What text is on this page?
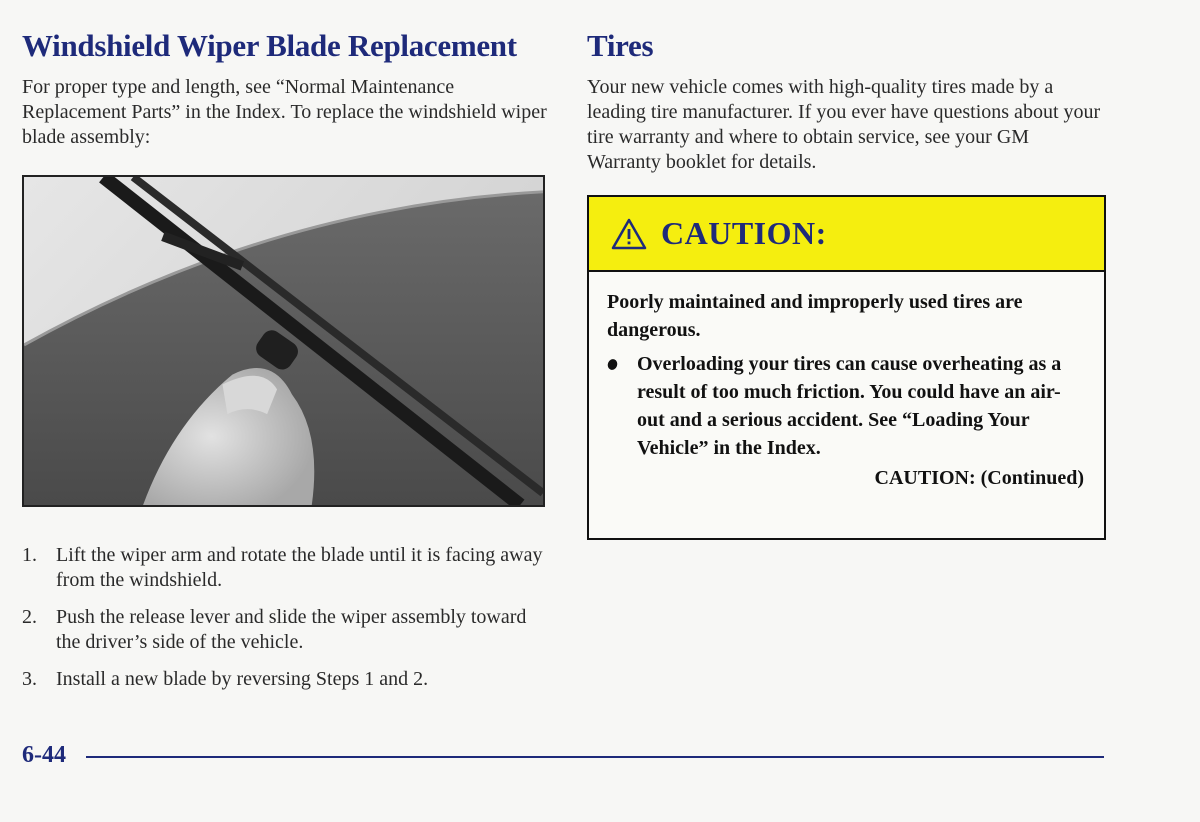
Windshield Wiper Blade Replacement

For proper type and length, see “Normal Maintenance Replacement Parts” in the Index. To replace the windshield wiper blade assembly:

1. Lift the wiper arm and rotate the blade until it is facing away from the windshield.
2. Push the release lever and slide the wiper assembly toward the driver’s side of the vehicle.
3. Install a new blade by reversing Steps 1 and 2.
Tires

Your new vehicle comes with high-quality tires made by a leading tire manufacturer. If you ever have questions about your tire warranty and where to obtain service, see your GM Warranty booklet for details.

CAUTION:
Poorly maintained and improperly used tires are dangerous.
Overloading your tires can cause overheating as a result of too much friction. You could have an air-out and a serious accident. See “Loading Your Vehicle” in the Index.
CAUTION: (Continued)
6-44
